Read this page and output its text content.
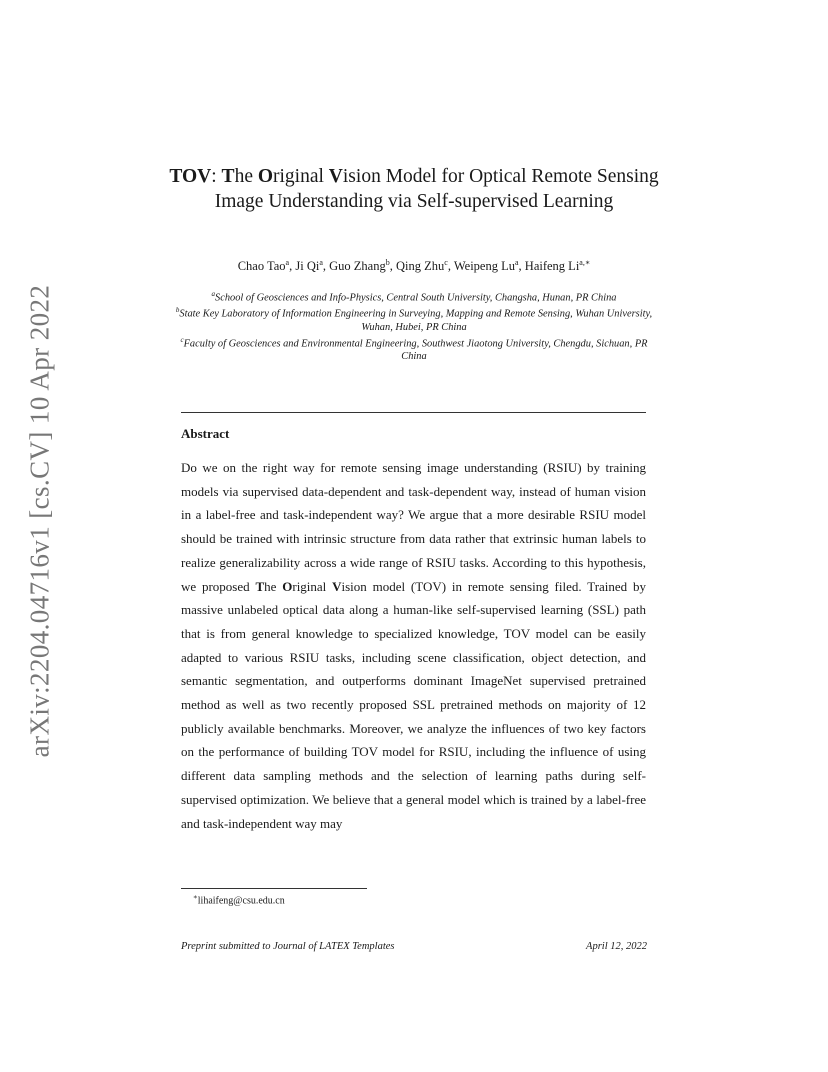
arXiv:2204.04716v1 [cs.CV] 10 Apr 2022
TOV: The Original Vision Model for Optical Remote Sensing Image Understanding via Self-supervised Learning
Chao Tao$^a$, Ji Qi$^a$, Guo Zhang$^b$, Qing Zhu$^c$, Weipeng Lu$^a$, Haifeng $Li^{a,∗}$

$^a$School of Geosciences and Info-Physics, Central South University, Changsha, Hunan, PR China

$^b$State Key Laboratory of Information Engineering in Surveying, Mapping and Remote Sensing, Wuhan University, Wuhan, Hubei, PR China

$^c$Faculty of Geosciences and Environmental Engineering, Southwest Jiaotong University, Chengdu, Sichuan, PR China

Abstract

Do we on the right way for remote sensing image understanding (RSIU) by training models via supervised data-dependent and task-dependent way, instead of human vision in a label-free and task-independent way? We argue that a more desirable RSIU model should be trained with intrinsic structure from data rather that extrinsic human labels to realize generalizability across a wide range of RSIU tasks. According to this hypothesis, we proposed The Original Vision model (TOV) in remote sensing filed. Trained by massive unlabeled optical data along a human-like self-supervised learning (SSL) path that is from general knowledge to specialized knowledge, TOV model can be easily adapted to various RSIU tasks, including scene classification, object detection, and semantic segmentation, and outperforms dominant ImageNet supervised pretrained method as well as two recently proposed SSL pretrained methods on majority of 12 publicly available benchmarks. Moreover, we analyze the influences of two key factors on the performance of building TOV model for RSIU, including the influence of using different data sampling methods and the selection of learning paths during self-supervised optimization. We believe that a general model which is trained by a label-free and task-independent way may

∗lihaifeng@csu.edu.cn
Preprint submitted to Journal of LATEX Templates	April 12, 2022
